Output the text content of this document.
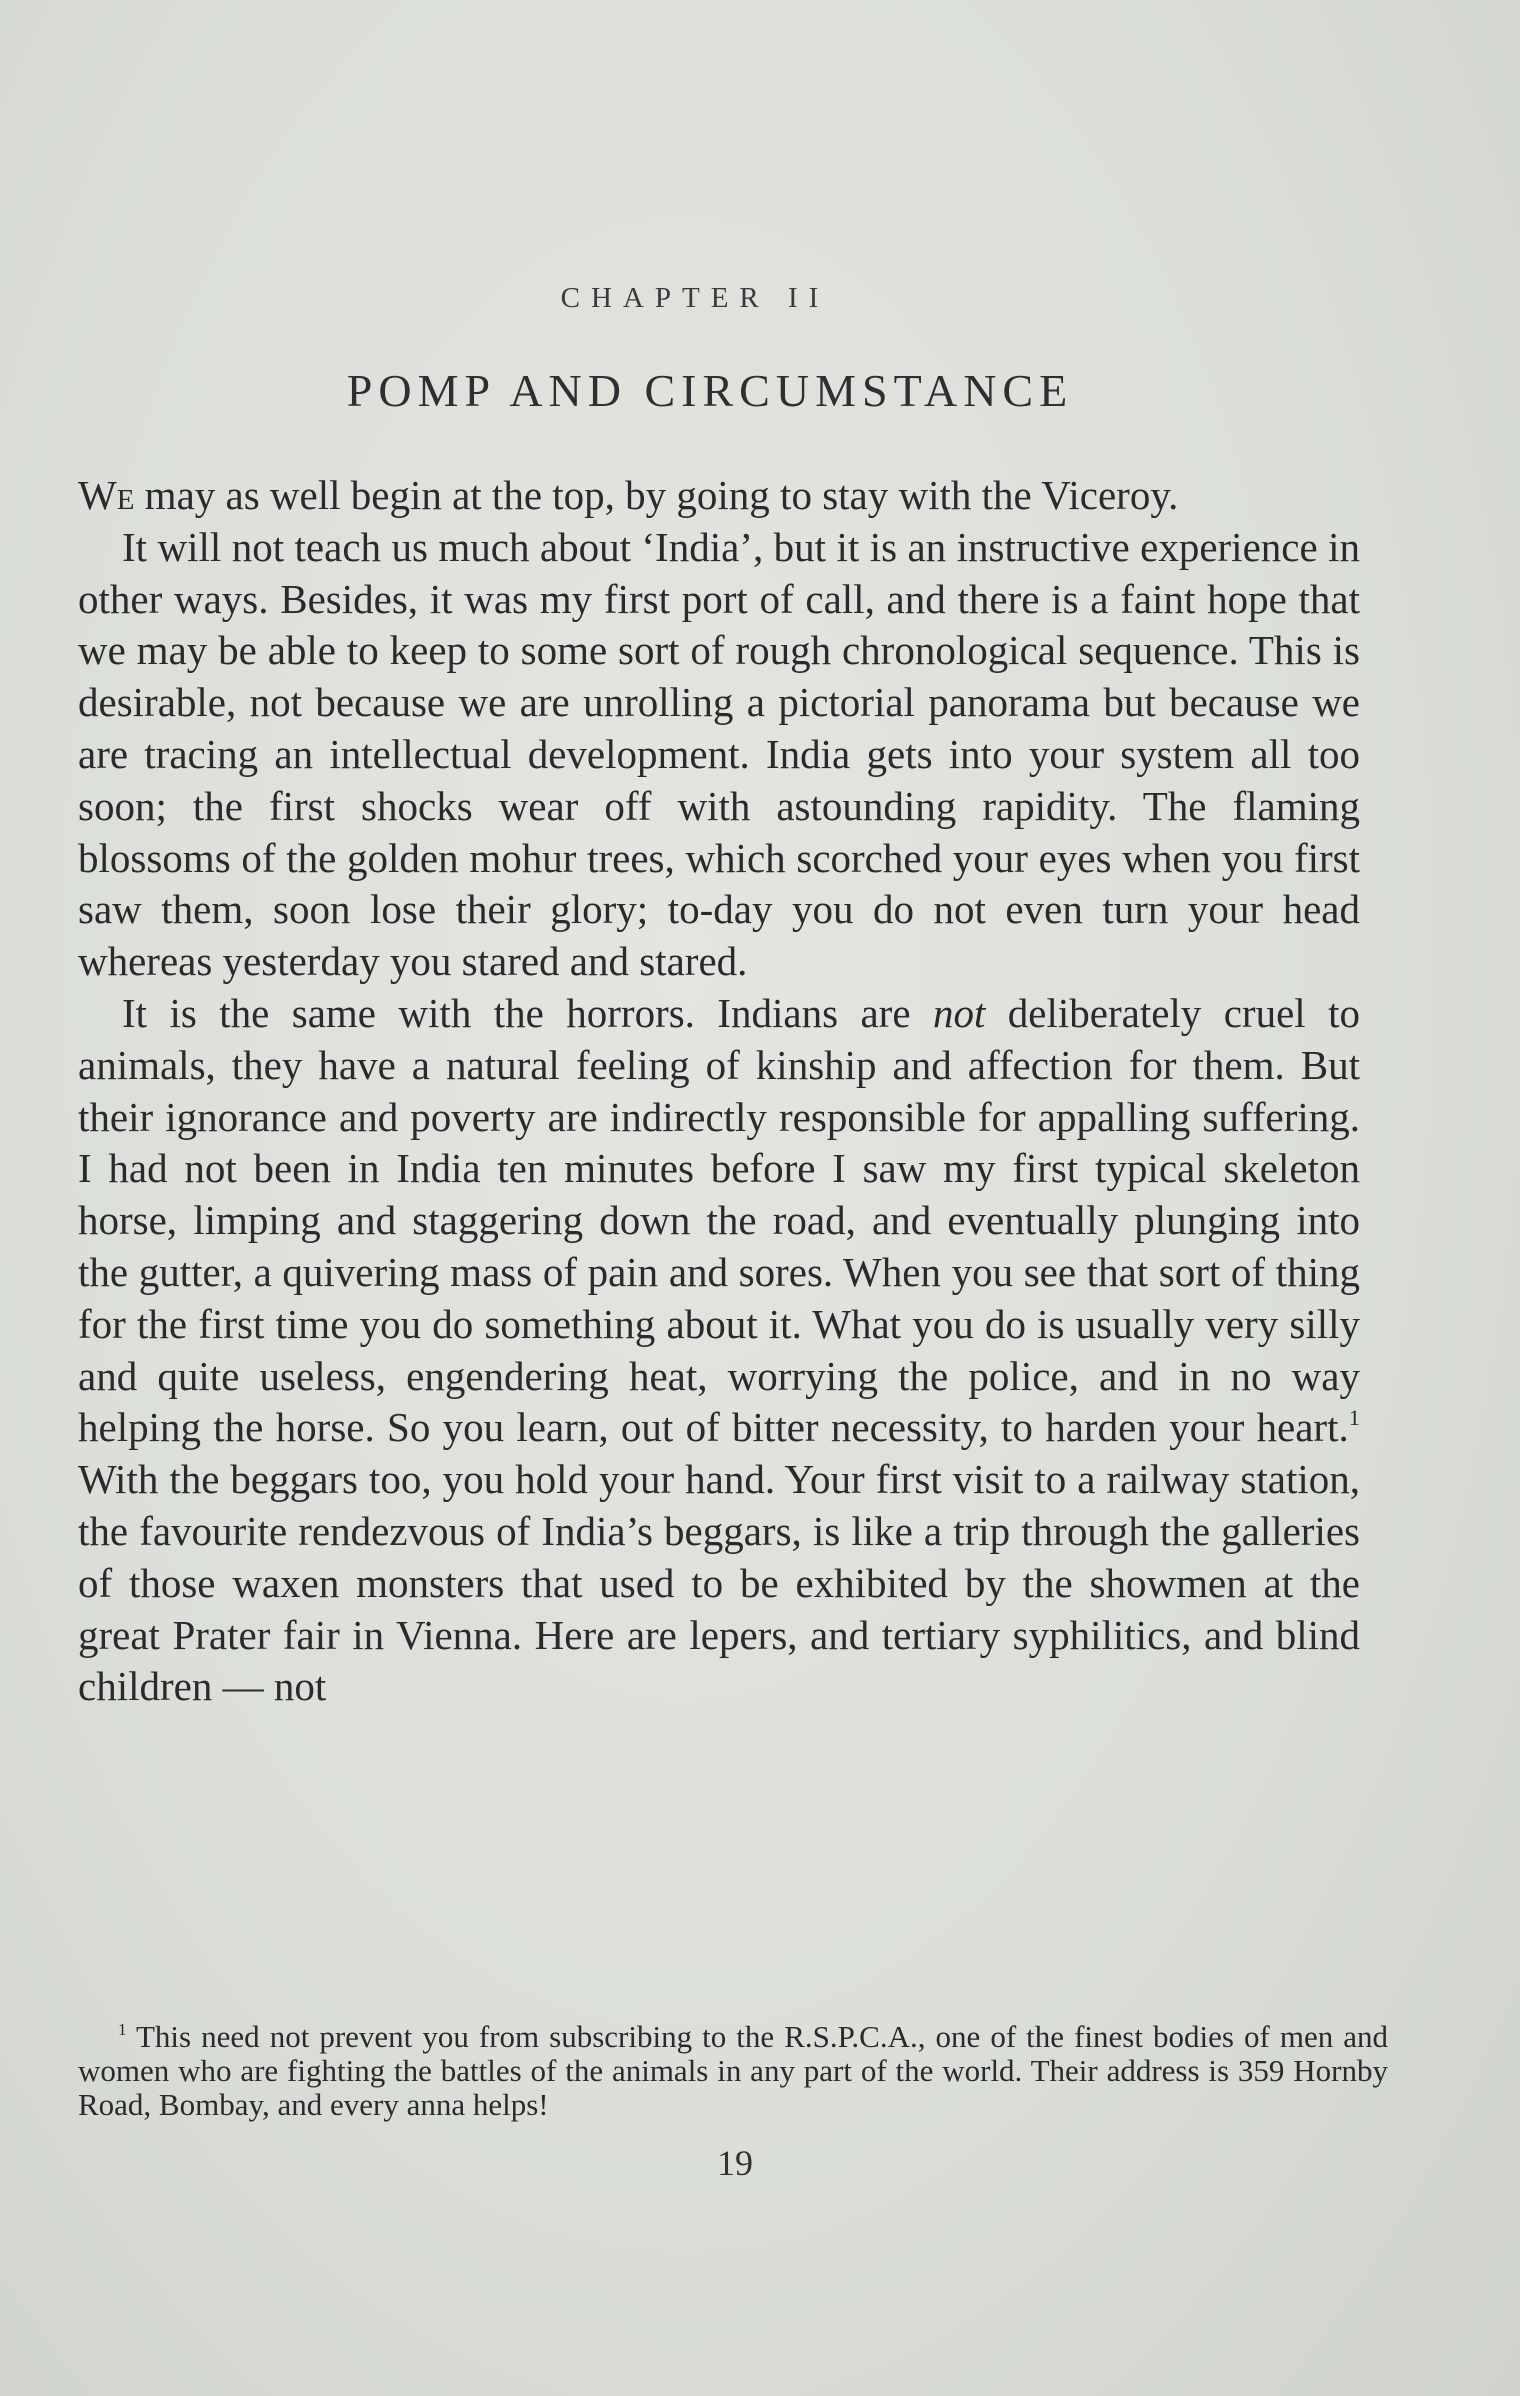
CHAPTER II
POMP AND CIRCUMSTANCE

We may as well begin at the top, by going to stay with the Viceroy.

It will not teach us much about ‘India’, but it is an instructive experience in other ways. Besides, it was my first port of call, and there is a faint hope that we may be able to keep to some sort of rough chronological sequence. This is desirable, not because we are unrolling a pictorial panorama but because we are tracing an intellectual development. India gets into your system all too soon; the first shocks wear off with astounding rapidity. The flaming blossoms of the golden mohur trees, which scorched your eyes when you first saw them, soon lose their glory; to-day you do not even turn your head whereas yesterday you stared and stared.

It is the same with the horrors. Indians are not deliberately cruel to animals, they have a natural feeling of kinship and affection for them. But their ignorance and poverty are indirectly responsible for appalling suffering. I had not been in India ten minutes before I saw my first typical skeleton horse, limping and staggering down the road, and eventually plunging into the gutter, a quivering mass of pain and sores. When you see that sort of thing for the first time you do something about it. What you do is usually very silly and quite useless, engendering heat, worrying the police, and in no way helping the horse. So you learn, out of bitter necessity, to harden your heart.$^1$ With the beggars too, you hold your hand. Your first visit to a railway station, the favourite rendezvous of India’s beggars, is like a trip through the galleries of those waxen monsters that used to be exhibited by the showmen at the great Prater fair in Vienna. Here are lepers, and tertiary syphilitics, and blind children — not

$^1$ This need not prevent you from subscribing to the R.S.P.C.A., one of the finest bodies of men and women who are fighting the battles of the animals in any part of the world. Their address is 359 Hornby Road, Bombay, and every anna helps!
19
